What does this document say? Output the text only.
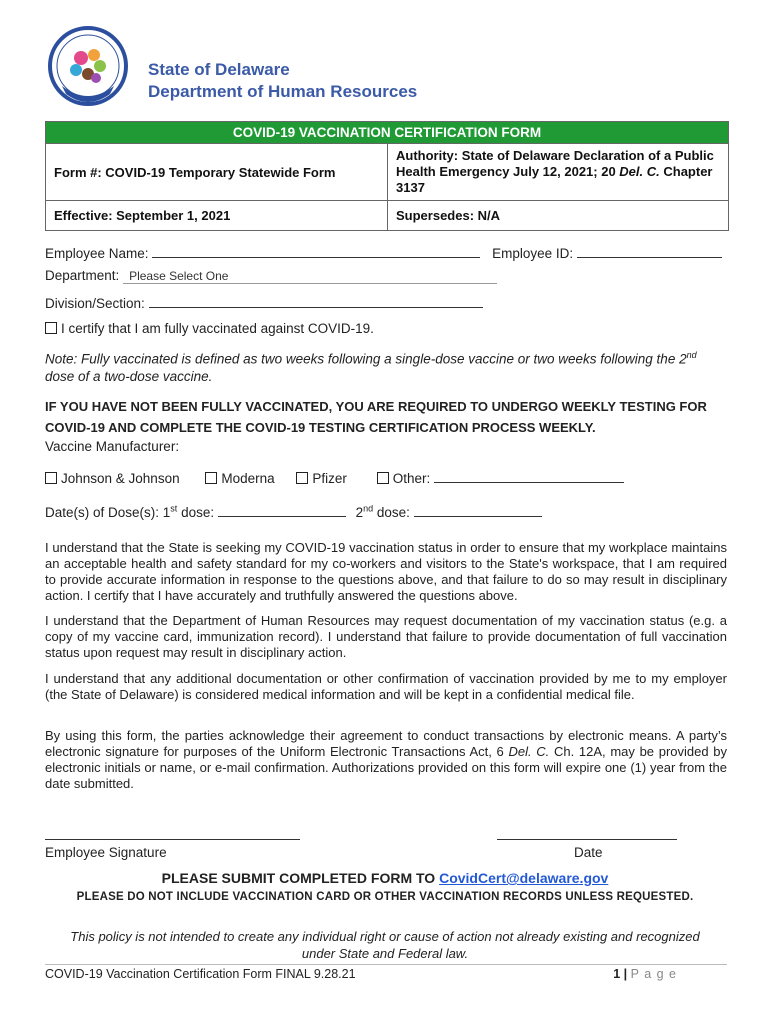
State of Delaware
Department of Human Resources
COVID-19 VACCINATION CERTIFICATION FORM	
Form #: COVID-19 Temporary Statewide Form	Authority: State of Delaware Declaration of a Public Health Emergency July 12, 2021; 20 Del. C. Chapter 3137
Effective: September 1, 2021	Supersedes: N/A
Employee Name:	Employee ID:
Department: Please Select One
Division/Section:
I certify that I am fully vaccinated against COVID-19.
Note: Fully vaccinated is defined as two weeks following a single-dose vaccine or two weeks following the 2nd
dose of a two-dose vaccine.
IF YOU HAVE NOT BEEN FULLY VACCINATED, YOU ARE REQUIRED TO UNDERGO WEEKLY TESTING FOR COVID-19 AND COMPLETE THE COVID-19 TESTING CERTIFICATION PROCESS WEEKLY.
Vaccine Manufacturer:
Johnson & Johnson	Moderna	Pfizer	Other:
Date(s) of Dose(s): 1st dose:	2nd dose:
I understand that the State is seeking my COVID-19 vaccination status in order to ensure that my workplace maintains an acceptable health and safety standard for my co-workers and visitors to the State's workspace, that I am required to provide accurate information in response to the questions above, and that failure to do so may result in disciplinary action. I certify that I have accurately and truthfully answered the questions above.
I understand that the Department of Human Resources may request documentation of my vaccination status (e.g. a copy of my vaccine card, immunization record). I understand that failure to provide documentation of full vaccination status upon request may result in disciplinary action.
I understand that any additional documentation or other confirmation of vaccination provided by me to my employer (the State of Delaware) is considered medical information and will be kept in a confidential medical file.
By using this form, the parties acknowledge their agreement to conduct transactions by electronic means. A party’s electronic signature for purposes of the Uniform Electronic Transactions Act, 6 Del. C. Ch. 12A, may be provided by electronic initials or name, or e-mail confirmation. Authorizations provided on this form will expire one (1) year from the date submitted.
Employee Signature	Date
PLEASE SUBMIT COMPLETED FORM TO CovidCert@delaware.gov
PLEASE DO NOT INCLUDE VACCINATION CARD OR OTHER VACCINATION RECORDS UNLESS REQUESTED.
This policy is not intended to create any individual right or cause of action not already existing and recognized under State and Federal law.
COVID-19 Vaccination Certification Form FINAL 9.28.21	1 | P a g e
